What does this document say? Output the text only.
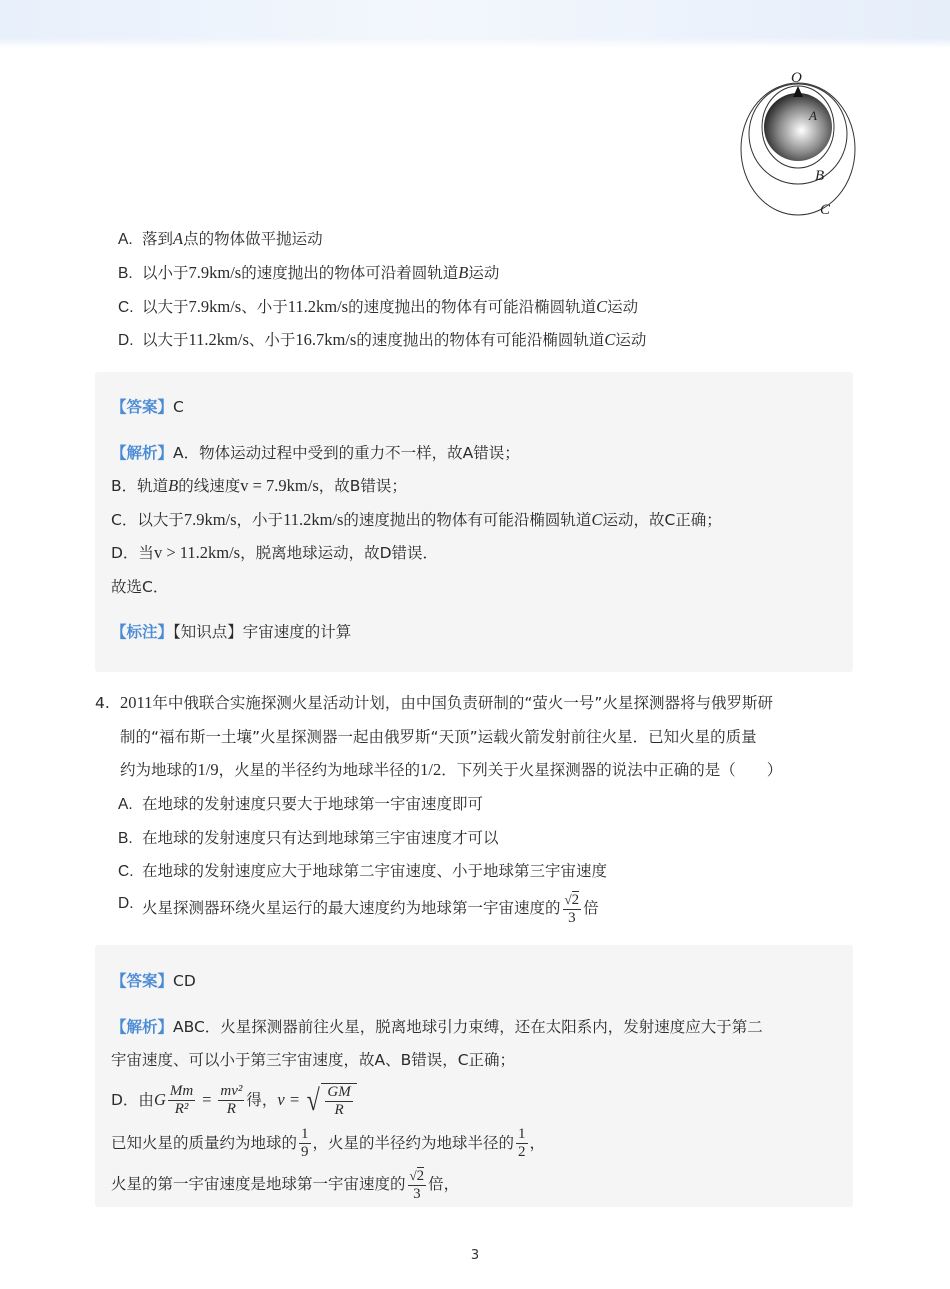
O
A
B
C
A. 落到A点的物体做平抛运动
B. 以小于7.9km/s的速度抛出的物体可沿着圆轨道B运动
C. 以大于7.9km/s、小于11.2km/s的速度抛出的物体有可能沿椭圆轨道C运动
D. 以大于11.2km/s、小于16.7km/s的速度抛出的物体有可能沿椭圆轨道C运动
【答案】C
【解析】A．物体运动过程中受到的重力不一样，故A错误；
B．轨道B的线速度v = 7.9km/s，故B错误；
C．以大于7.9km/s，小于11.2km/s的速度抛出的物体有可能沿椭圆轨道C运动，故C正确；
D．当v > 11.2km/s，脱离地球运动，故D错误．
故选C．
【标注】【知识点】宇宙速度的计算
4. 2011年中俄联合实施探测火星活动计划，由中国负责研制的“萤火一号”火星探测器将与俄罗斯研
制的“福布斯一土壤”火星探测器一起由俄罗斯“天顶”运载火箭发射前往火星．已知火星的质量
约为地球的1/9，火星的半径约为地球半径的1/2．下列关于火星探测器的说法中正确的是（　　）
A. 在地球的发射速度只要大于地球第一宇宙速度即可
B. 在地球的发射速度只有达到地球第三宇宙速度才可以
C. 在地球的发射速度应大于地球第二宇宙速度、小于地球第三宇宙速度
D. 火星探测器环绕火星运行的最大速度约为地球第一宇宙速度的 $\frac{√2}{3}$ 倍
【答案】CD
【解析】ABC．火星探测器前往火星，脱离地球引力束缚，还在太阳系内，发射速度应大于第二
宇宙速度、可以小于第三宇宙速度，故A、B错误，C正确；
D．由G $\frac{Mm}{\text{R²}} = \frac{\text{mv²}}{R}$ 得，v = √ $\frac{GM}{R}$
已知火星的质量约为地球的 $\frac{1}{9}$ ，火星的半径约为地球半径的 $\frac{1}{2}$ ，
火星的第一宇宙速度是地球第一宇宙速度的 $\frac{√2}{3}$ 倍，
3
